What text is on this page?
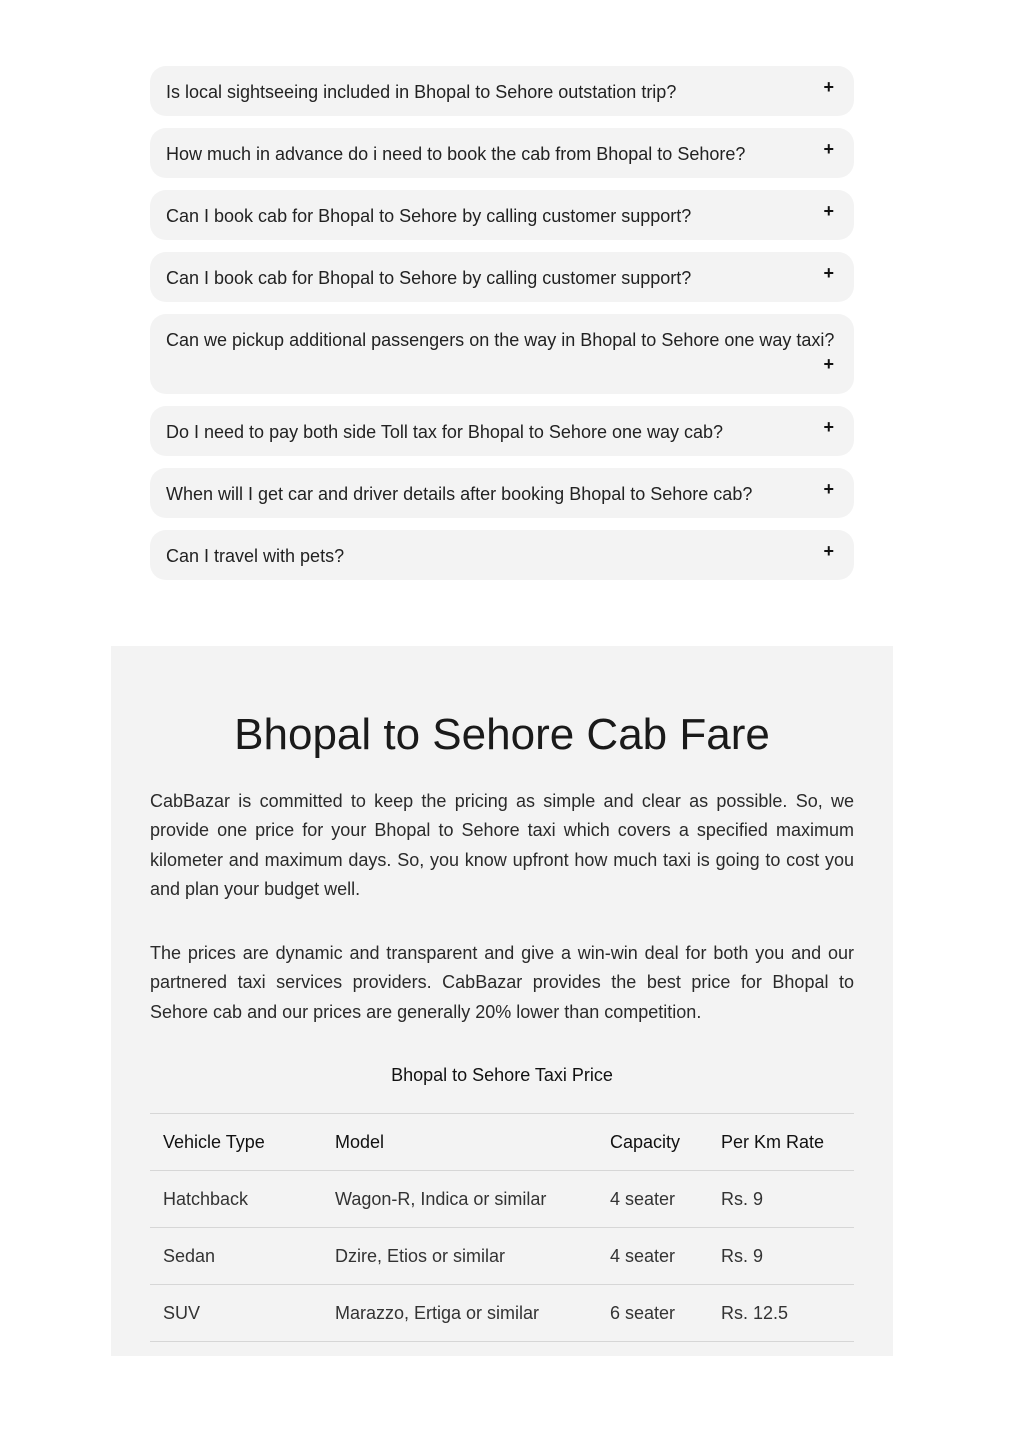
Is local sightseeing included in Bhopal to Sehore outstation trip?	+
How much in advance do i need to book the cab from Bhopal to Sehore?	+
Can I book cab for Bhopal to Sehore by calling customer support?	+
Can I book cab for Bhopal to Sehore by calling customer support?	+
Can we pickup additional passengers on the way in Bhopal to Sehore one way taxi?
+
Do I need to pay both side Toll tax for Bhopal to Sehore one way cab?	+
When will I get car and driver details after booking Bhopal to Sehore cab?	+
Can I travel with pets?	+
Bhopal to Sehore Cab Fare

CabBazar is committed to keep the pricing as simple and clear as possible. So, we provide one price for your Bhopal to Sehore taxi which covers a specified maximum kilometer and maximum days. So, you know upfront how much taxi is going to cost you and plan your budget well.

The prices are dynamic and transparent and give a win-win deal for both you and our partnered taxi services providers. CabBazar provides the best price for Bhopal to Sehore cab and our prices are generally 20% lower than competition.

Bhopal to Sehore Taxi Price
Vehicle Type	Model	Capacity	Per Km Rate
Hatchback	Wagon-R, Indica or similar	4 seater	Rs. 9
Sedan	Dzire, Etios or similar	4 seater	Rs. 9
SUV	Marazzo, Ertiga or similar	6 seater	Rs. 12.5
